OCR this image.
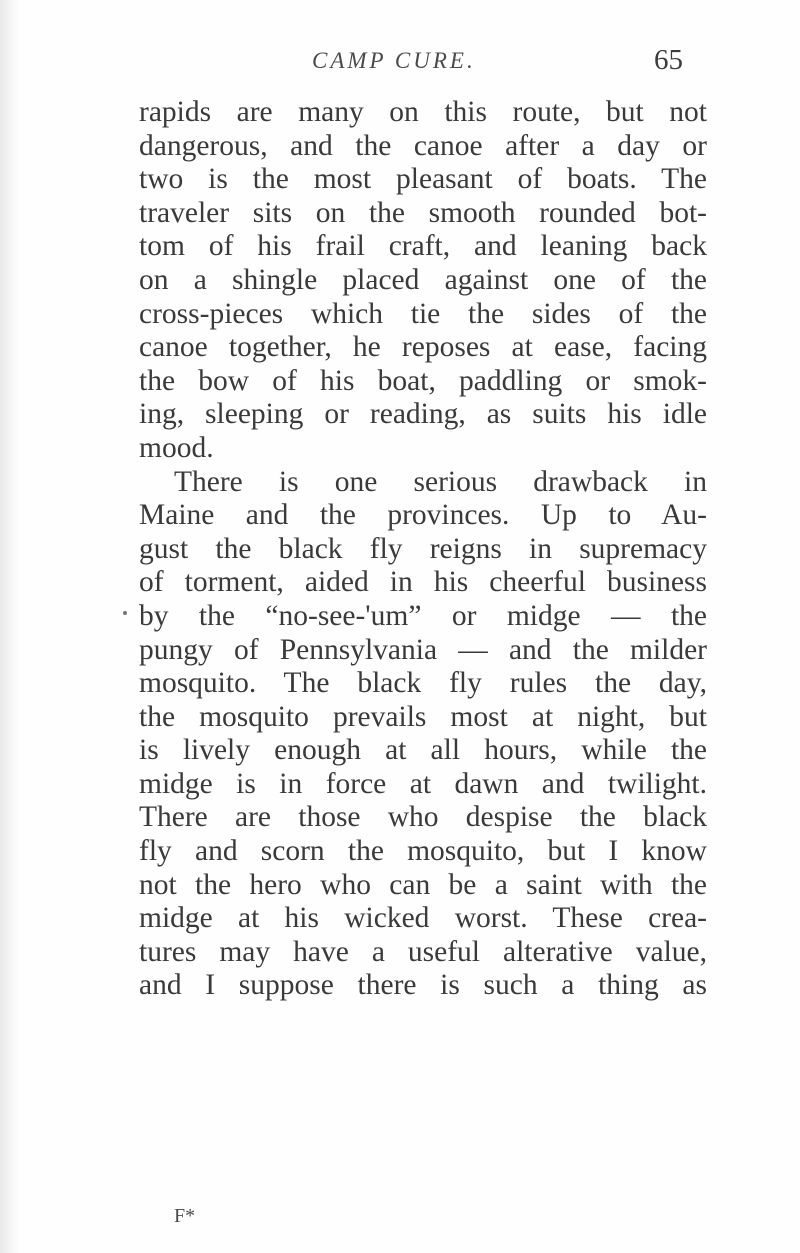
CAMP CURE.	65
rapids are many on this route, but not
dangerous, and the canoe after a day or
two is the most pleasant of boats. The
traveler sits on the smooth rounded bot-
tom of his frail craft, and leaning back
on a shingle placed against one of the
cross-pieces which tie the sides of the
canoe together, he reposes at ease, facing
the bow of his boat, paddling or smok-
ing, sleeping or reading, as suits his idle
mood.
There is one serious drawback in
Maine and the provinces. Up to Au-
gust the black fly reigns in supremacy
of torment, aided in his cheerful business
by the “no-see-'um” or midge — the
pungy of Pennsylvania — and the milder
mosquito. The black fly rules the day,
the mosquito prevails most at night, but
is lively enough at all hours, while the
midge is in force at dawn and twilight.
There are those who despise the black
fly and scorn the mosquito, but I know
not the hero who can be a saint with the
midge at his wicked worst. These crea-
tures may have a useful alterative value,
and I suppose there is such a thing as
F*
